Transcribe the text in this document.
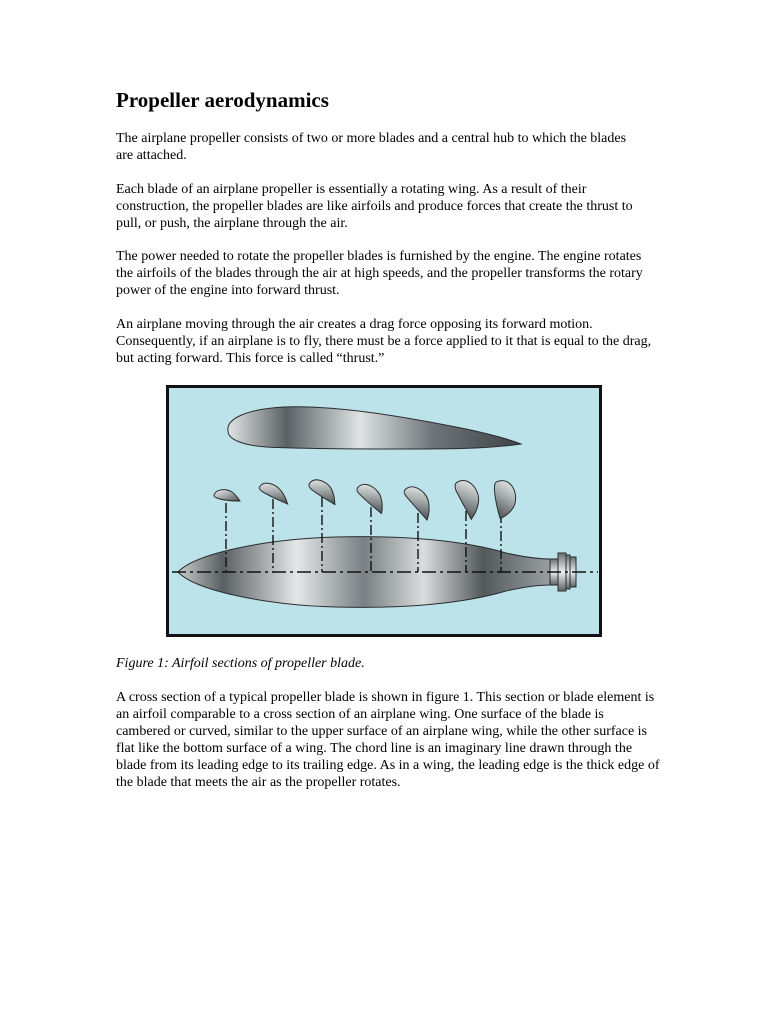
Propeller aerodynamics

The airplane propeller consists of two or more blades and a central hub to which the blades are attached.

Each blade of an airplane propeller is essentially a rotating wing. As a result of their construction, the propeller blades are like airfoils and produce forces that create the thrust to pull, or push, the airplane through the air.

The power needed to rotate the propeller blades is furnished by the engine. The engine rotates the airfoils of the blades through the air at high speeds, and the propeller transforms the rotary power of the engine into forward thrust.

An airplane moving through the air creates a drag force opposing its forward motion. Consequently, if an airplane is to fly, there must be a force applied to it that is equal to the drag, but acting forward. This force is called “thrust.”

Figure 1: Airfoil sections of propeller blade.

A cross section of a typical propeller blade is shown in figure 1. This section or blade element is an airfoil comparable to a cross section of an airplane wing. One surface of the blade is cambered or curved, similar to the upper surface of an airplane wing, while the other surface is flat like the bottom surface of a wing. The chord line is an imaginary line drawn through the blade from its leading edge to its trailing edge. As in a wing, the leading edge is the thick edge of the blade that meets the air as the propeller rotates.
